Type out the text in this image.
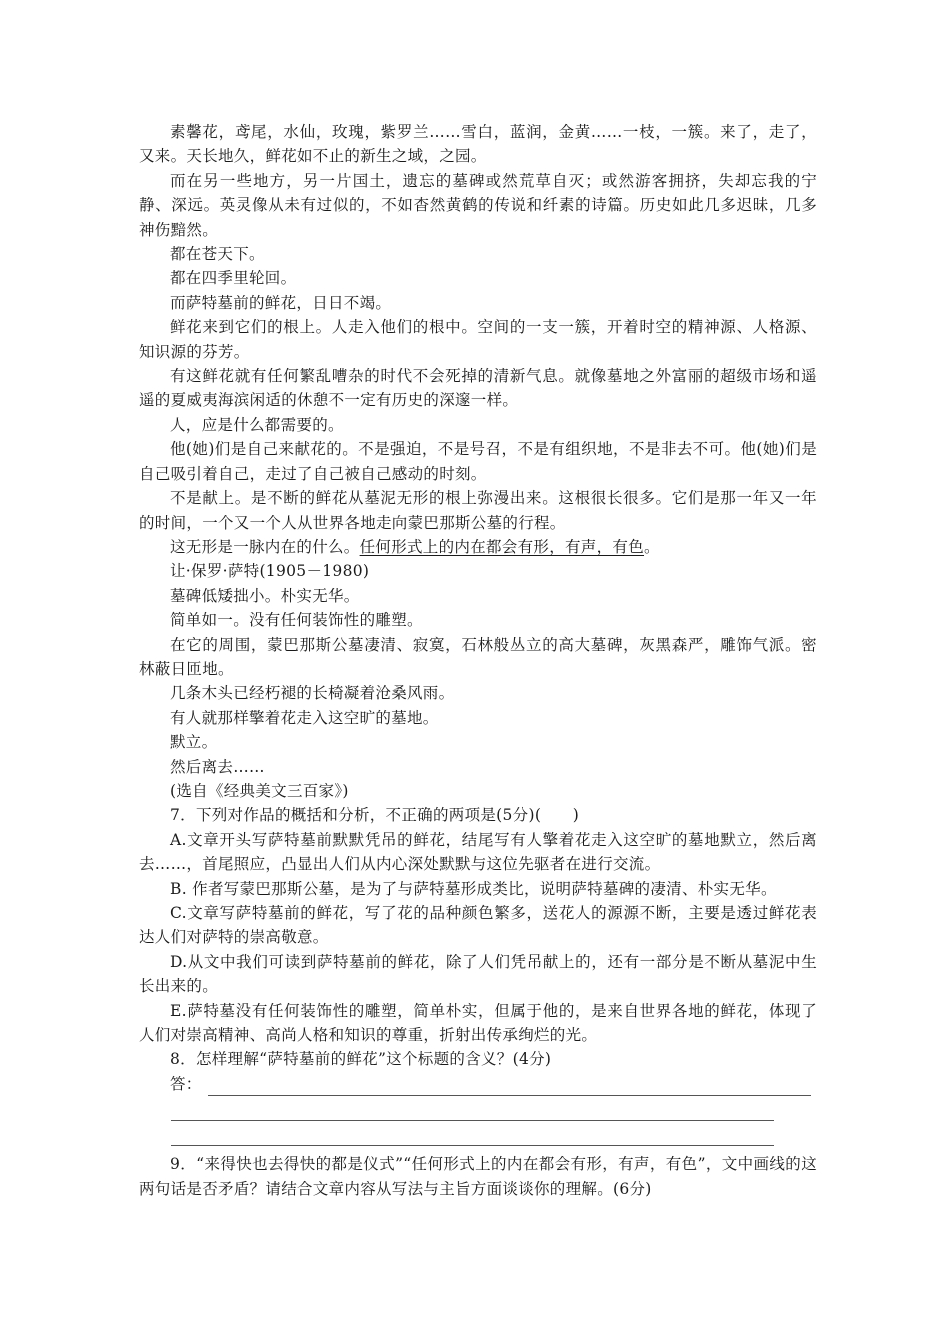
素馨花，鸢尾，水仙，玫瑰，紫罗兰……雪白，蓝润，金黄……一枝，一簇。来了，走了，又来。天长地久，鲜花如不止的新生之域，之园。

而在另一些地方，另一片国土，遗忘的墓碑或然荒草自灭；或然游客拥挤，失却忘我的宁静、深远。英灵像从未有过似的，不如杳然黄鹤的传说和纤素的诗篇。历史如此几多迟昧，几多神伤黯然。

都在苍天下。

都在四季里轮回。

而萨特墓前的鲜花，日日不竭。

鲜花来到它们的根上。人走入他们的根中。空间的一支一簇，开着时空的精神源、人格源、知识源的芬芳。

有这鲜花就有任何繁乱嘈杂的时代不会死掉的清新气息。就像墓地之外富丽的超级市场和遥遥的夏威夷海滨闲适的休憩不一定有历史的深邃一样。

人，应是什么都需要的。

他(她)们是自己来献花的。不是强迫，不是号召，不是有组织地，不是非去不可。他(她)们是自己吸引着自己，走过了自己被自己感动的时刻。

不是献上。是不断的鲜花从墓泥无形的根上弥漫出来。这根很长很多。它们是那一年又一年的时间，一个又一个人从世界各地走向蒙巴那斯公墓的行程。

这无形是一脉内在的什么。任何形式上的内在都会有形，有声，有色。

让·保罗·萨特(1905－1980)

墓碑低矮拙小。朴实无华。

简单如一。没有任何装饰性的雕塑。

在它的周围，蒙巴那斯公墓凄清、寂寞，石林般丛立的高大墓碑，灰黑森严，雕饰气派。密林蔽日匝地。

几条木头已经朽褪的长椅凝着沧桑风雨。

有人就那样擎着花走入这空旷的墓地。

默立。

然后离去……

(选自《经典美文三百家》)

7．下列对作品的概括和分析，不正确的两项是(5分)(　　)

A.文章开头写萨特墓前默默凭吊的鲜花，结尾写有人擎着花走入这空旷的墓地默立，然后离去……，首尾照应，凸显出人们从内心深处默默与这位先驱者在进行交流。

B. 作者写蒙巴那斯公墓，是为了与萨特墓形成类比，说明萨特墓碑的凄清、朴实无华。

C.文章写萨特墓前的鲜花，写了花的品种颜色繁多，送花人的源源不断，主要是透过鲜花表达人们对萨特的崇高敬意。

D.从文中我们可读到萨特墓前的鲜花，除了人们凭吊献上的，还有一部分是不断从墓泥中生长出来的。

E.萨特墓没有任何装饰性的雕塑，简单朴实，但属于他的，是来自世界各地的鲜花，体现了人们对崇高精神、高尚人格和知识的尊重，折射出传承绚烂的光。

8．怎样理解“萨特墓前的鲜花”这个标题的含义？(4分)

答：

9．“来得快也去得快的都是仪式”“任何形式上的内在都会有形，有声，有色”，文中画线的这两句话是否矛盾？请结合文章内容从写法与主旨方面谈谈你的理解。(6分)
